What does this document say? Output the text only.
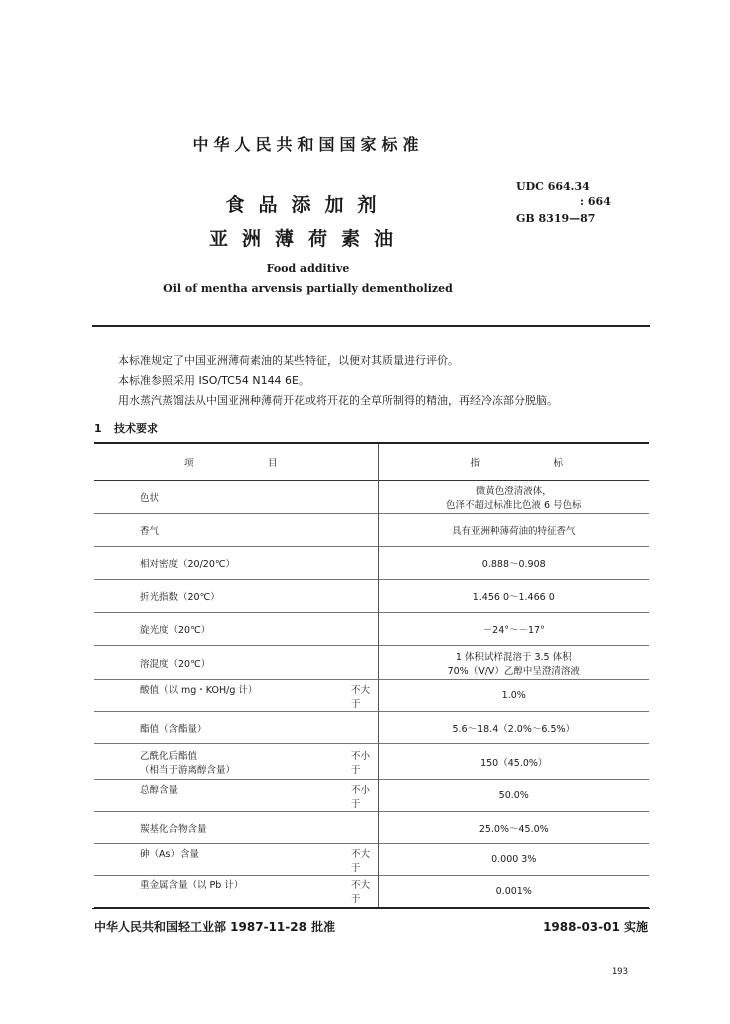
中华人民共和国国家标准
食品添加剂
亚洲薄荷素油
Food additive
Oil of mentha arvensis partially dementholized
UDC 664.34
: 664
GB 8319—87
本标准规定了中国亚洲薄荷素油的某些特征，以便对其质量进行评价。
本标准参照采用 ISO/TC54 N144 6E。
用水蒸汽蒸馏法从中国亚洲种薄荷开花或将开花的全草所制得的精油，再经冷冻部分脱脑。
1 技术要求
项 目	指 标

色状	微黄色澄清液体，
色泽不超过标准比色液 6 号色标

香气	具有亚洲种薄荷油的特征香气

相对密度（20/20℃）	0.888～0.908

折光指数（20℃）	1.456 0～1.466 0

旋光度（20℃）	－24°～－17°

溶混度（20℃）	1 体积试样混溶于 3.5 体积
70%（V/V）乙醇中呈澄清溶液

酸值（以 mg・KOH/g 计） 不大于	1.0%

酯值（含酯量）	5.6～18.4（2.0%～6.5%）

乙酰化后酯值
（相当于游离醇含量）
不小于	150（45.0%）

总醇含量 不小于	50.0%

羰基化合物含量	25.0%～45.0%

砷（As）含量 不大于	0.000 3%

重金属含量（以 Pb 计） 不大于	0.001%
中华人民共和国轻工业部 1987-11-28 批准	1988-03-01 实施
193
